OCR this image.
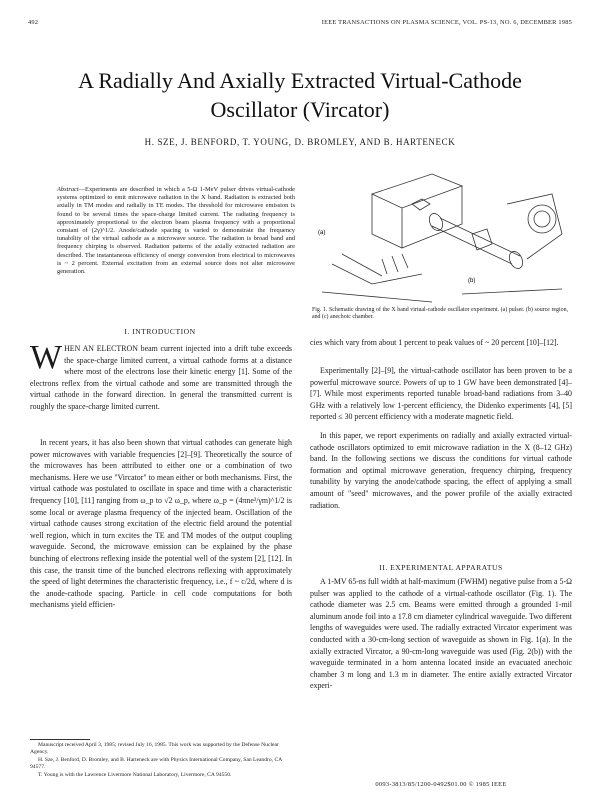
492	IEEE TRANSACTIONS ON PLASMA SCIENCE, VOL. PS-13, NO. 6, DECEMBER 1985
A Radially And Axially Extracted Virtual-Cathode
Oscillator (Vircator)
H. SZE, J. BENFORD, T. YOUNG, D. BROMLEY, AND B. HARTENECK
Abstract—Experiments are described in which a 5-Ω 1-MeV pulser drives virtual-cathode systems optimized to emit microwave radiation in the X band. Radiation is extracted both axially in TM modes and radially in TE modes. The threshold for microwave emission is found to be several times the space-charge limited current. The radiating frequency is approximately proportional to the electron beam plasma frequency with a proportional constant of (2γ)^1/2. Anode/cathode spacing is varied to demonstrate the frequency tunability of the virtual cathode as a microwave source. The radiation is broad band and frequency chirping is observed. Radiation patterns of the axially extracted radiation are described. The instantaneous efficiency of energy conversion from electrical to microwaves is ~ 2 percent. External excitation from an external source does not alter microwave generation.
I. INTRODUCTION

WHEN AN ELECTRON beam current injected into a drift tube exceeds the space-charge limited current, a virtual cathode forms at a distance where most of the electrons lose their kinetic energy [1]. Some of the electrons reflex from the virtual cathode and some are transmitted through the virtual cathode in the forward direction. In general the transmitted current is roughly the space-charge limited current.

In recent years, it has also been shown that virtual cathodes can generate high power microwaves with variable frequencies [2]–[9]. Theoretically the source of the microwaves has been attributed to either one or a combination of two mechanisms. Here we use "Vircator" to mean either or both mechanisms. First, the virtual cathode was postulated to oscillate in space and time with a characteristic frequency [10], [11] ranging from ω_p to √2 ω_p, where ω_p = (4πne²/γm)^1/2 is some local or average plasma frequency of the injected beam. Oscillation of the virtual cathode causes strong excitation of the electric field around the potential well region, which in turn excites the TE and TM modes of the output coupling waveguide. Second, the microwave emission can be explained by the phase bunching of electrons reflexing inside the potential well of the system [2], [12]. In this case, the transit time of the bunched electrons reflexing with approximately the speed of light determines the characteristic frequency, i.e., f ~ c/2d, where d is the anode-cathode spacing. Particle in cell code computations for both mechanisms yield efficien-

(a)
(b)
Fig. 1. Schematic drawing of the X band virtual-cathode oscillator experiment. (a) pulser. (b) source region, and (c) anechoic chamber.

cies which vary from about 1 percent to peak values of ~ 20 percent [10]–[12].

Experimentally [2]–[9], the virtual-cathode oscillator has been proven to be a powerful microwave source. Powers of up to 1 GW have been demonstrated [4]–[7]. While most experiments reported tunable broad-band radiations from 3–40 GHz with a relatively low 1-percent efficiency, the Didenko experiments [4], [5] reported ≤ 30 percent efficiency with a moderate magnetic field.

In this paper, we report experiments on radially and axially extracted virtual-cathode oscillators optimized to emit microwave radiation in the X (8–12 GHz) band. In the following sections we discuss the conditions for virtual cathode formation and optimal microwave generation, frequency chirping, frequency tunability by varying the anode/cathode spacing, the effect of applying a small amount of "seed" microwaves, and the power profile of the axially extracted radiation.

II. EXPERIMENTAL APPARATUS

A 1-MV 65-ns full width at half-maximum (FWHM) negative pulse from a 5-Ω pulser was applied to the cathode of a virtual-cathode oscillator (Fig. 1). The cathode diameter was 2.5 cm. Beams were emitted through a grounded 1-mil aluminum anode foil into a 17.8 cm diameter cylindrical waveguide. Two different lengths of waveguides were used. The radially extracted Vircator experiment was conducted with a 30-cm-long section of waveguide as shown in Fig. 1(a). In the axially extracted Vircator, a 90-cm-long waveguide was used (Fig. 2(b)) with the waveguide terminated in a horn antenna located inside an evacuated anechoic chamber 3 m long and 1.3 m in diameter. The entire axially extracted Vircator experi-

Manuscript received April 3, 1985; revised July 16, 1985. This work was supported by the Defense Nuclear Agency.

H. Sze, J. Benford, D. Bromley, and B. Harteneck are with Physics International Company, San Leandro, CA 94577.

T. Young is with the Lawrence Livermore National Laboratory, Livermore, CA 94550.

0093-3813/85/1200-0492$01.00 © 1985 IEEE
